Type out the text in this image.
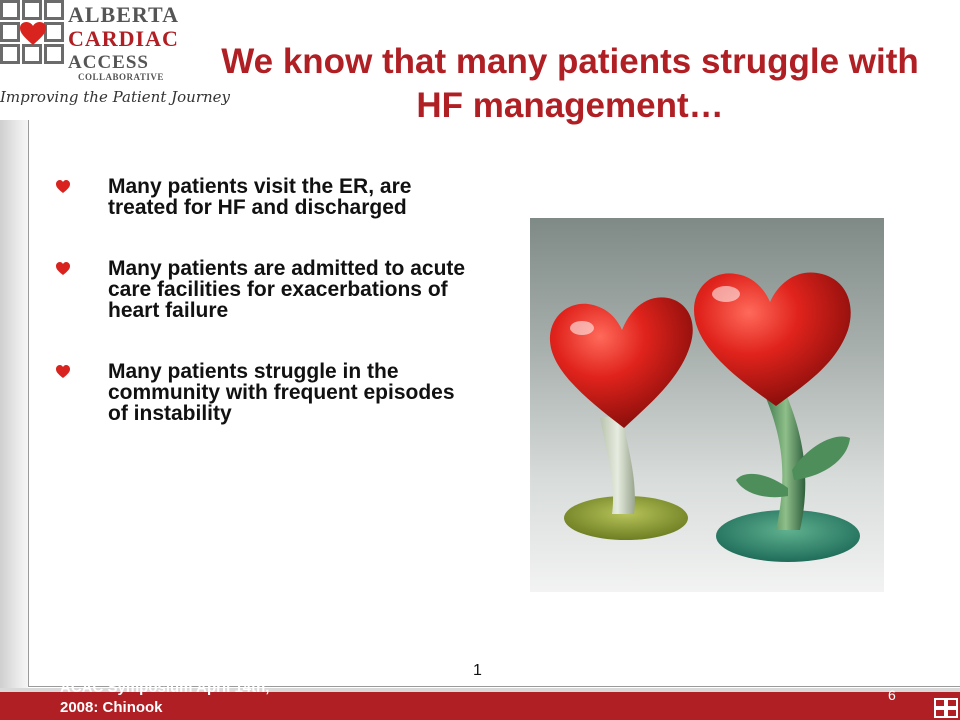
ALBERTA
CARDIAC
ACCESS
COLLABORATIVE
Improving the Patient Journey
We know that many patients struggle with HF management…
Many patients visit the ER, are treated for HF and discharged
Many patients are admitted to acute care facilities for exacerbations of heart failure
Many patients struggle in the community with frequent episodes of instability
1
ACAC Symposium April 14th, 2008: Chinook
6
